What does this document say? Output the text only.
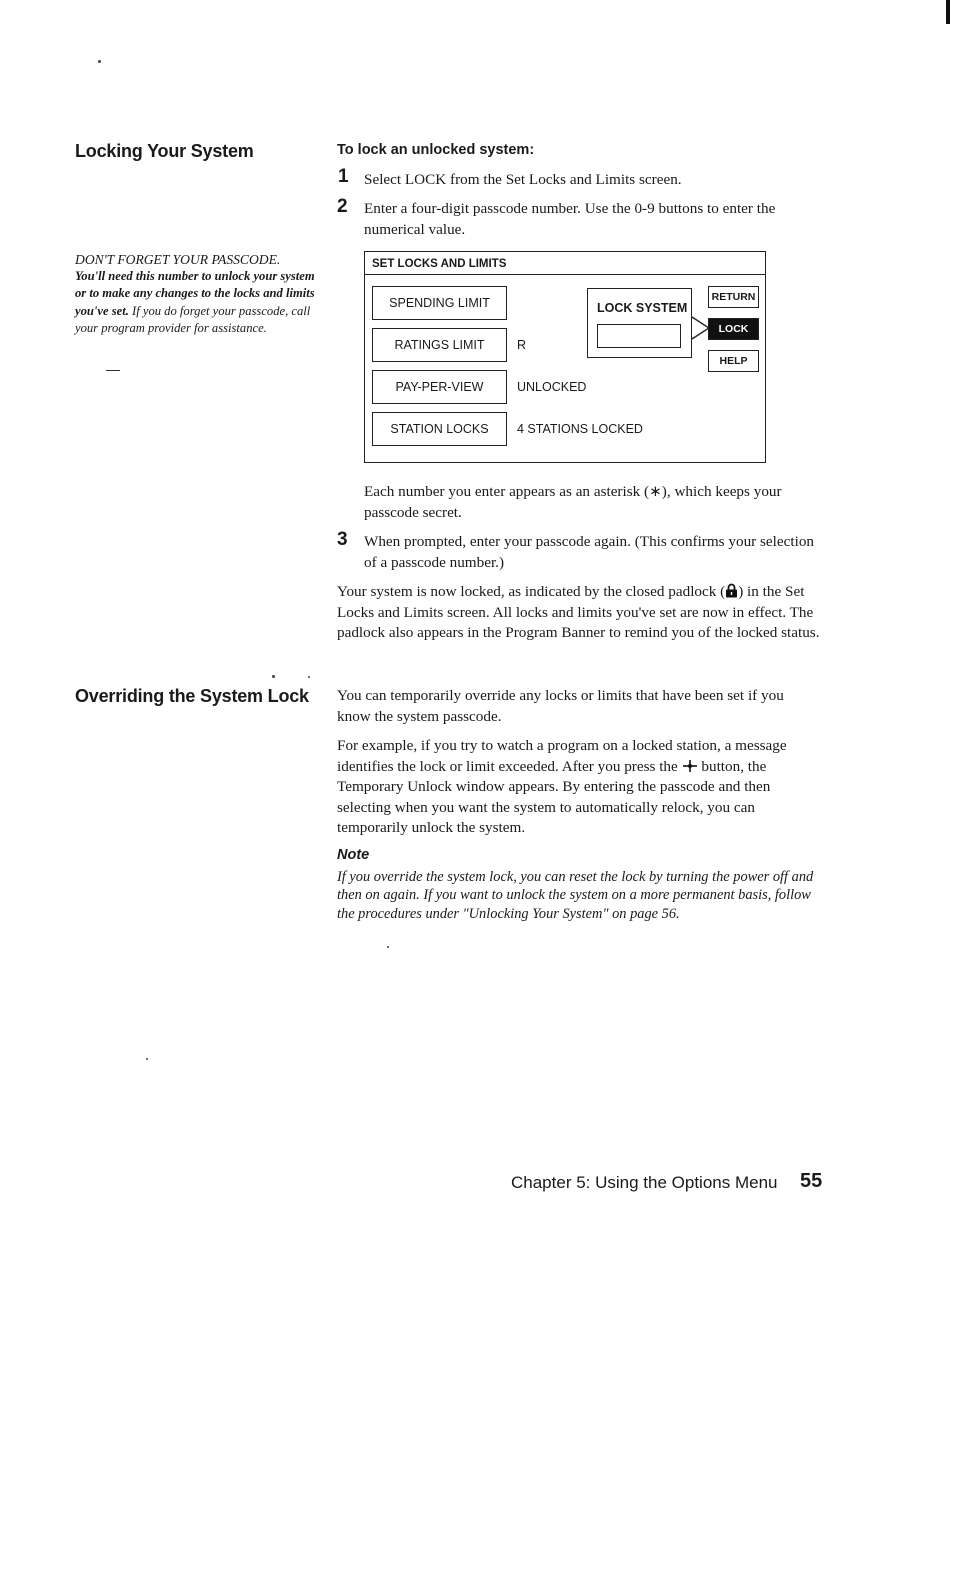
Locking Your System
DON'T FORGET YOUR PASSCODE.
You'll need this number to unlock your system or to make any changes to the locks and limits you've set. If you do forget your passcode, call your program provider for assistance.
To lock an unlocked system:
1 Select LOCK from the Set Locks and Limits screen.
2 Enter a four-digit passcode number. Use the 0-9 buttons to enter the numerical value.
SET LOCKS AND LIMITS
SPENDING LIMIT
RATINGS LIMIT	R
PAY-PER-VIEW	UNLOCKED
STATION LOCKS	4 STATIONS LOCKED
LOCK SYSTEM
RETURN
LOCK
HELP
Each number you enter appears as an asterisk (∗), which keeps your passcode secret.
3 When prompted, enter your passcode again. (This confirms your selection of a passcode number.)
Your system is now locked, as indicated by the closed padlock ( ) in the Set Locks and Limits screen. All locks and limits you've set are now in effect. The padlock also appears in the Program Banner to remind you of the locked status.
Overriding the System Lock You can temporarily override any locks or limits that have been set if you know the system passcode.
For example, if you try to watch a program on a locked station, a message identifies the lock or limit exceeded. After you press the button, the Temporary Unlock window appears. By entering the passcode and then selecting when you want the system to automatically relock, you can temporarily unlock the system.
Note
If you override the system lock, you can reset the lock by turning the power off and then on again. If you want to unlock the system on a more permanent basis, follow the procedures under "Unlocking Your System" on page 56.
Chapter 5: Using the Options Menu 55
